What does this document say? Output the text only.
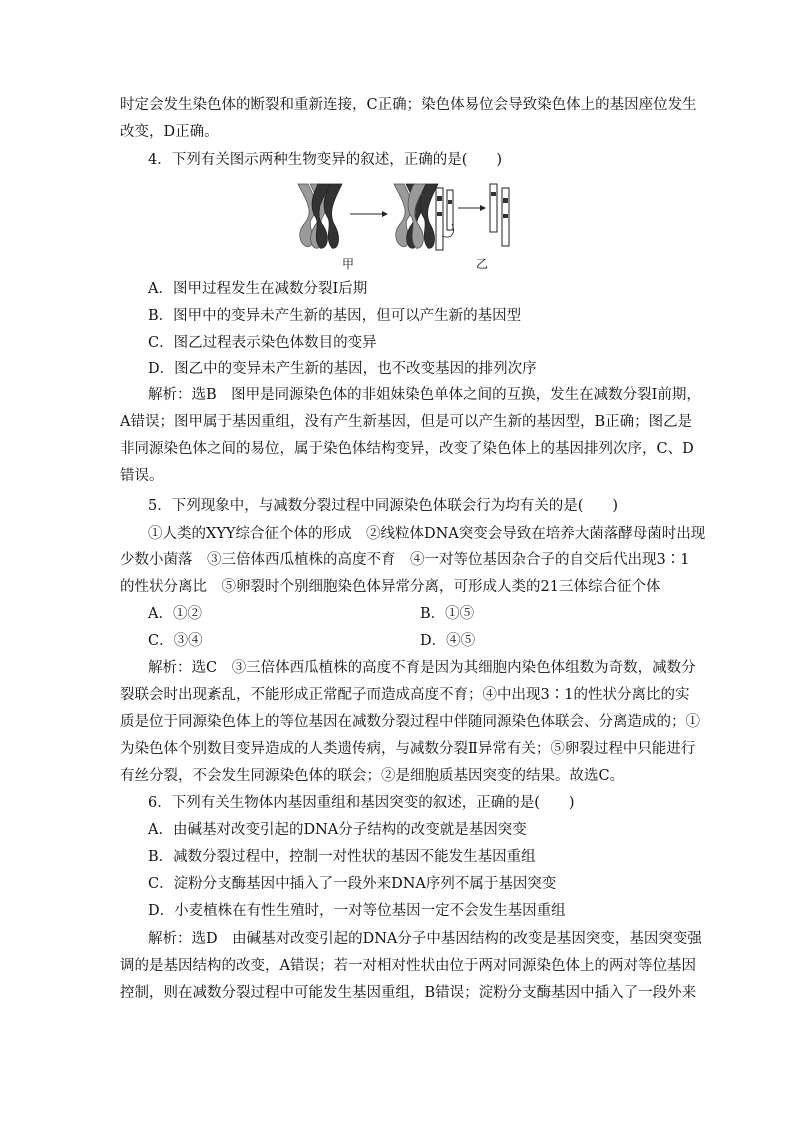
时定会发生染色体的断裂和重新连接，C正确；染色体易位会导致染色体上的基因座位发生
改变，D正确。
4．下列有关图示两种生物变异的叙述，正确的是(　　)
甲	乙
A．图甲过程发生在减数分裂Ⅰ后期
B．图甲中的变异未产生新的基因，但可以产生新的基因型
C．图乙过程表示染色体数目的变异
D．图乙中的变异未产生新的基因，也不改变基因的排列次序
解析：选B　图甲是同源染色体的非姐妹染色单体之间的互换，发生在减数分裂Ⅰ前期，
A错误；图甲属于基因重组，没有产生新基因，但是可以产生新的基因型，B正确；图乙是
非同源染色体之间的易位，属于染色体结构变异，改变了染色体上的基因排列次序，C、D
错误。
5．下列现象中，与减数分裂过程中同源染色体联会行为均有关的是(　　)
①人类的XYY综合征个体的形成　②线粒体DNA突变会导致在培养大菌落酵母菌时出现
少数小菌落　③三倍体西瓜植株的高度不育　④一对等位基因杂合子的自交后代出现3∶1
的性状分离比　⑤卵裂时个别细胞染色体异常分离，可形成人类的21三体综合征个体
A．①②	B．①⑤
C．③④	D．④⑤
解析：选C　③三倍体西瓜植株的高度不育是因为其细胞内染色体组数为奇数，减数分
裂联会时出现紊乱，不能形成正常配子而造成高度不育；④中出现3∶1的性状分离比的实
质是位于同源染色体上的等位基因在减数分裂过程中伴随同源染色体联会、分离造成的；①
为染色体个别数目变异造成的人类遗传病，与减数分裂Ⅱ异常有关；⑤卵裂过程中只能进行
有丝分裂，不会发生同源染色体的联会；②是细胞质基因突变的结果。故选C。
6．下列有关生物体内基因重组和基因突变的叙述，正确的是(　　)
A．由碱基对改变引起的DNA分子结构的改变就是基因突变
B．减数分裂过程中，控制一对性状的基因不能发生基因重组
C．淀粉分支酶基因中插入了一段外来DNA序列不属于基因突变
D．小麦植株在有性生殖时，一对等位基因一定不会发生基因重组
解析：选D　由碱基对改变引起的DNA分子中基因结构的改变是基因突变，基因突变强
调的是基因结构的改变，A错误；若一对相对性状由位于两对同源染色体上的两对等位基因
控制，则在减数分裂过程中可能发生基因重组，B错误；淀粉分支酶基因中插入了一段外来
